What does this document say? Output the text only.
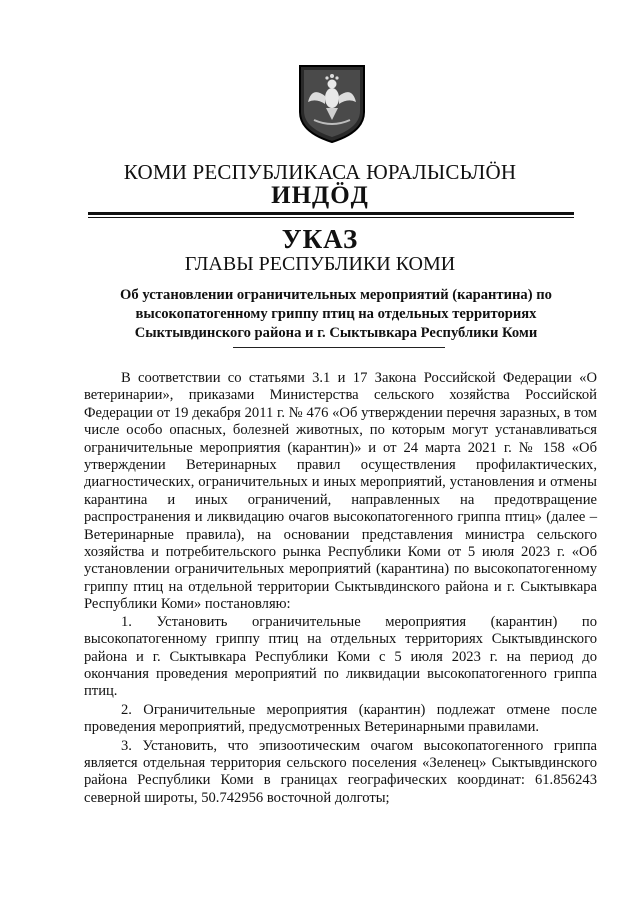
КОМИ РЕСПУБЛИКАСА ЮРАЛЫСЬЛӦН
ИНДӦД
УКАЗ
ГЛАВЫ РЕСПУБЛИКИ КОМИ
Об установлении ограничительных мероприятий (карантина) по высокопатогенному гриппу птиц на отдельных территориях Сыктывдинского района и г. Сыктывкара Республики Коми

В соответствии со статьями 3.1 и 17 Закона Российской Федерации «О ветеринарии», приказами Министерства сельского хозяйства Российской Федерации от 19 декабря 2011 г. № 476 «Об утверждении перечня заразных, в том числе особо опасных, болезней животных, по которым могут устанавливаться ограничительные мероприятия (карантин)» и от 24 марта 2021 г. № 158 «Об утверждении Ветеринарных правил осуществления профилактических, диагностических, ограничительных и иных мероприятий, установления и отмены карантина и иных ограничений, направленных на предотвращение распространения и ликвидацию очагов высокопатогенного гриппа птиц» (далее – Ветеринарные правила), на основании представления министра сельского хозяйства и потребительского рынка Республики Коми от 5 июля 2023 г. «Об установлении ограничительных мероприятий (карантина) по высокопатогенному гриппу птиц на отдельной территории Сыктывдинского района и г. Сыктывкара Республики Коми» постановляю:

1. Установить ограничительные мероприятия (карантин) по высокопатогенному гриппу птиц на отдельных территориях Сыктывдинского района и г. Сыктывкара Республики Коми с 5 июля 2023 г. на период до окончания проведения мероприятий по ликвидации высокопатогенного гриппа птиц.

2. Ограничительные мероприятия (карантин) подлежат отмене после проведения мероприятий, предусмотренных Ветеринарными правилами.

3. Установить, что эпизоотическим очагом высокопатогенного гриппа является отдельная территория сельского поселения «Зеленец» Сыктывдинского района Республики Коми в границах географических координат: 61.856243 северной широты, 50.742956 восточной долготы;
